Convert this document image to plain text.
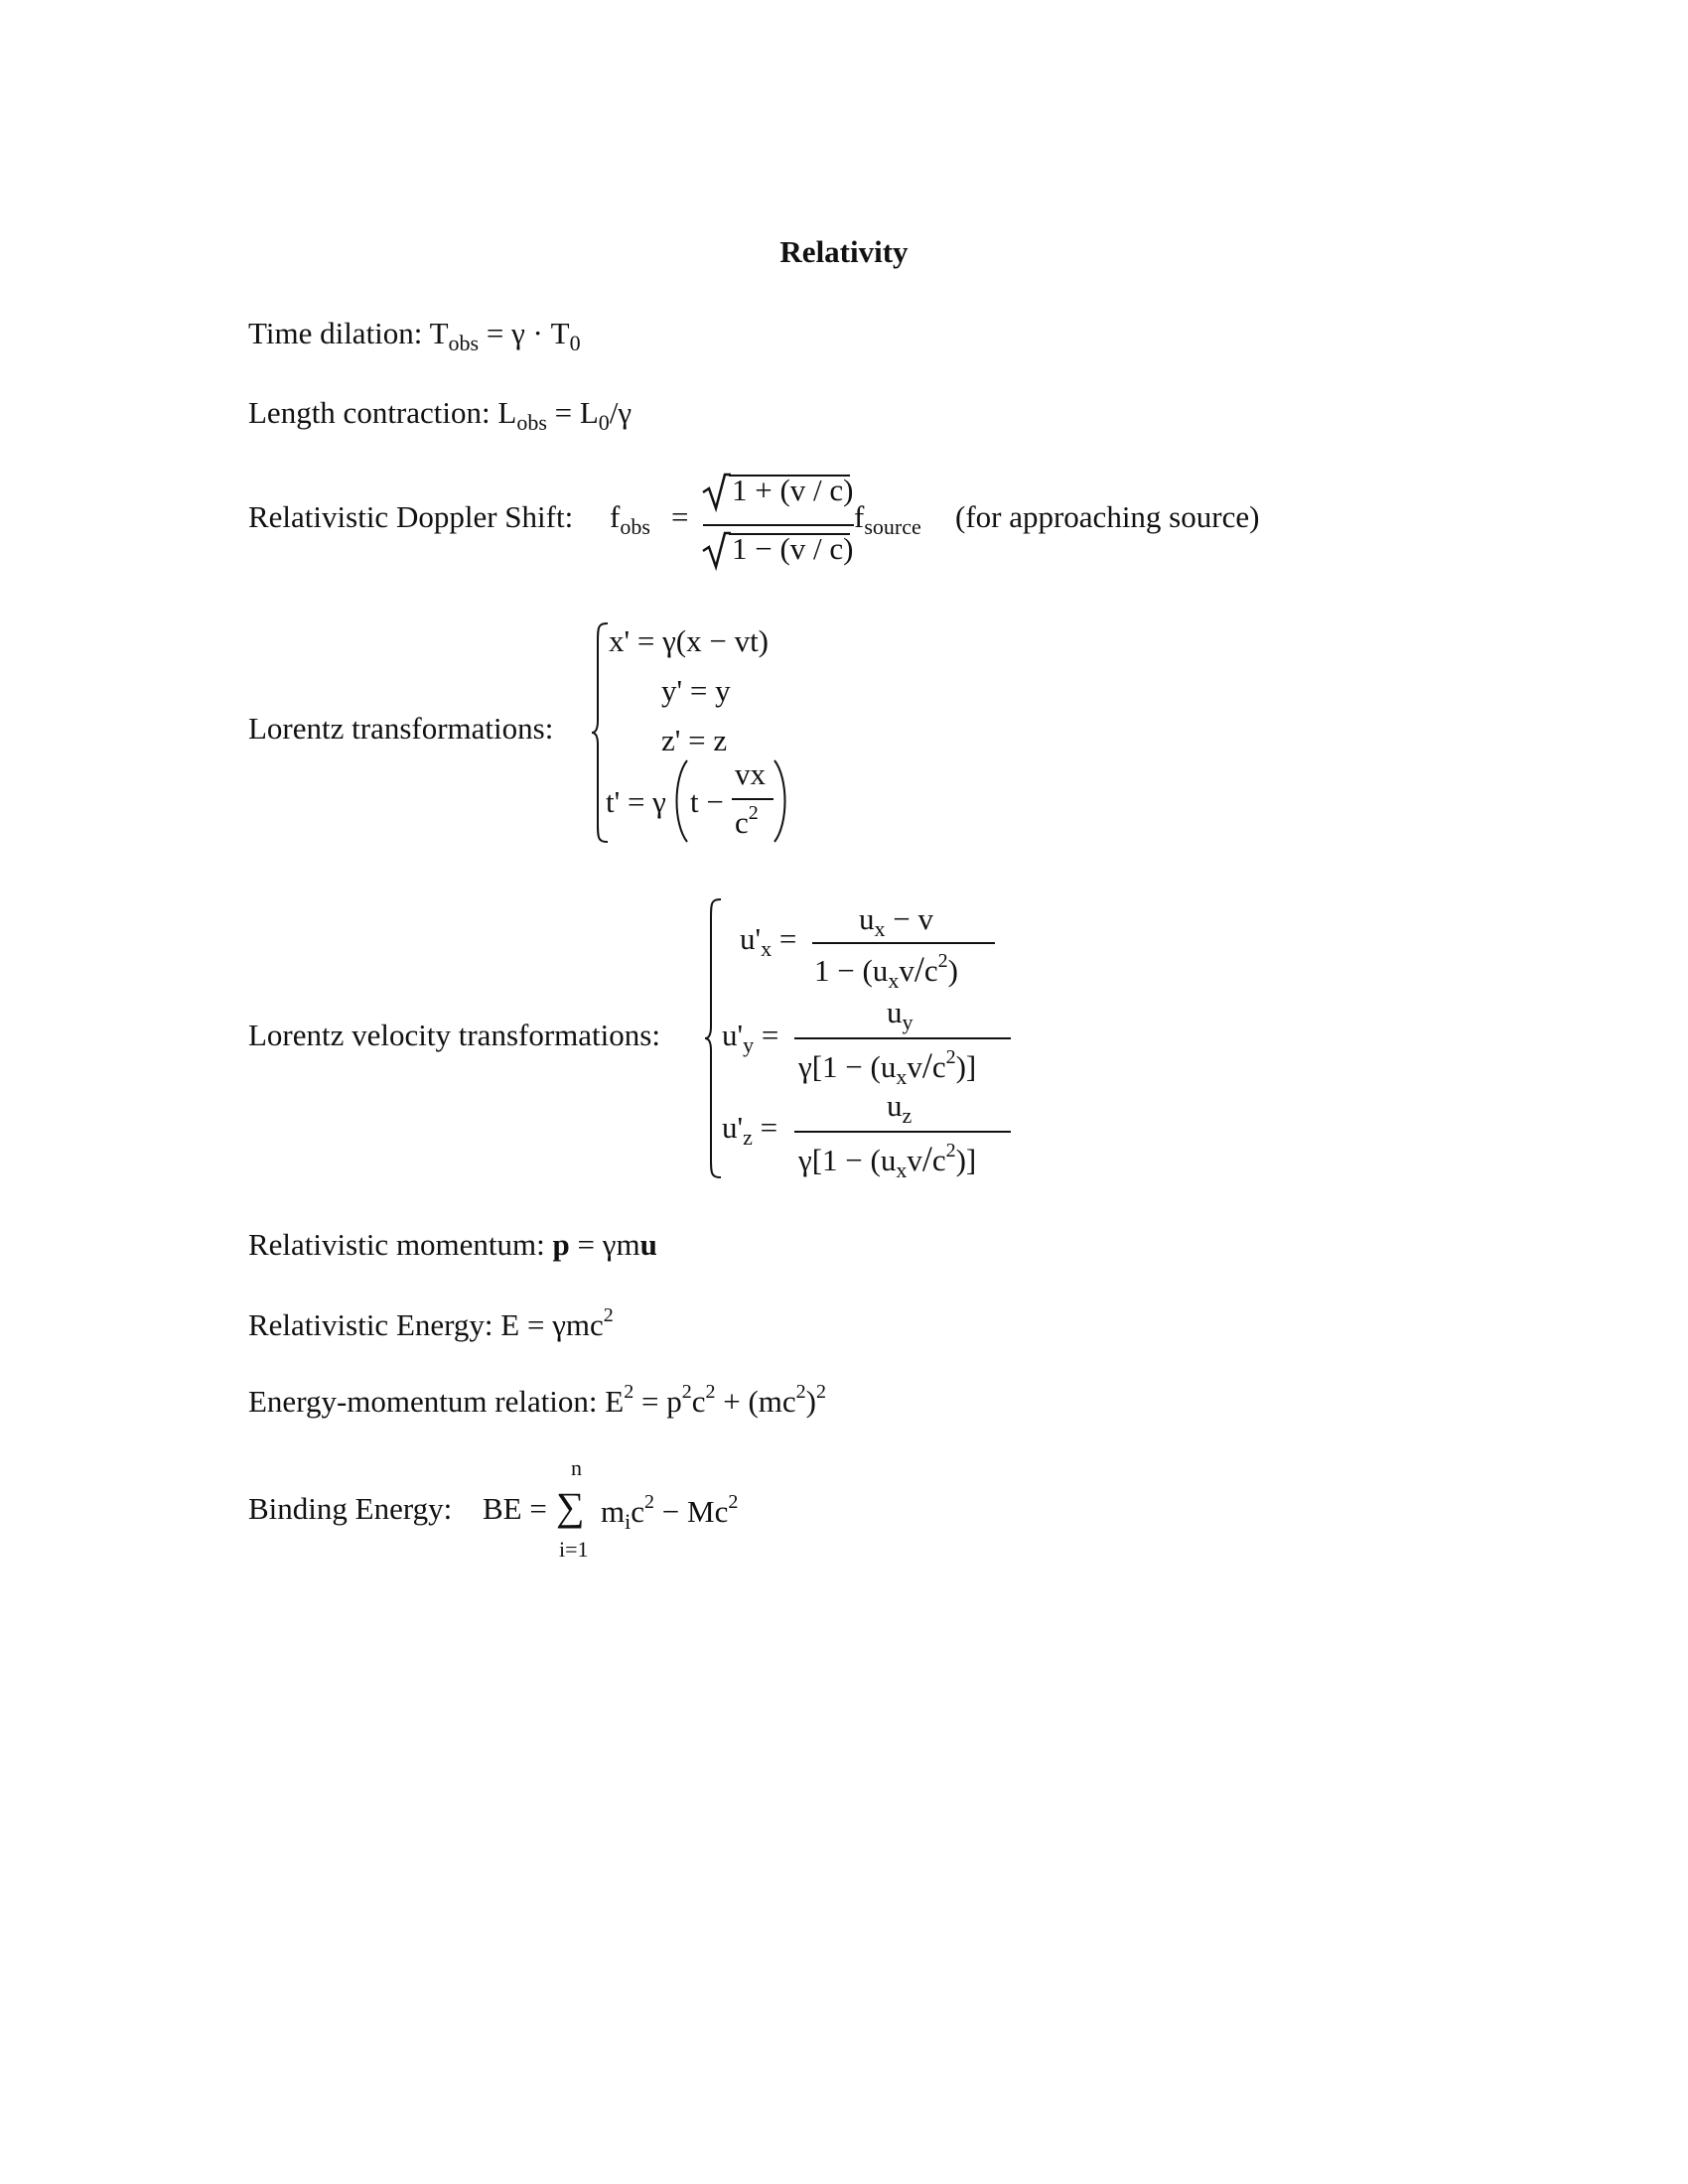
Relativity
Time dilation: $T_{obs} = \gamma \cdot T_0$
Length contraction: $L_{obs} = L_0/\gamma$
Relativistic Doppler Shift: $f_{obs}$ =
1 + (v / c)
1 − (v / c)
$f_{source}$ (for approaching source)
Lorentz transformations:
x' = γ(x − vt)
y' = y
z' = z
t' = γ t −
vx
$c^2$
Lorentz velocity transformations:
$u'_x$ =
$u_x - v$
$1 - (u_xv/c^2)$
$u'_y$ =
$u_y$
$\gamma[1 - (u_xv/c^2)]$
$u'_z$ =
$u_z$
$\gamma[1 - (u_xv/c^2)]$
Relativistic momentum: p = γmu
Relativistic Energy: E = γmc$^2$
Energy-momentum relation: $E^2 = p^2c^2 + (mc^2)^2$
Binding Energy: BE =
n
∑
i=1
$m_ic^2 - Mc^2$
